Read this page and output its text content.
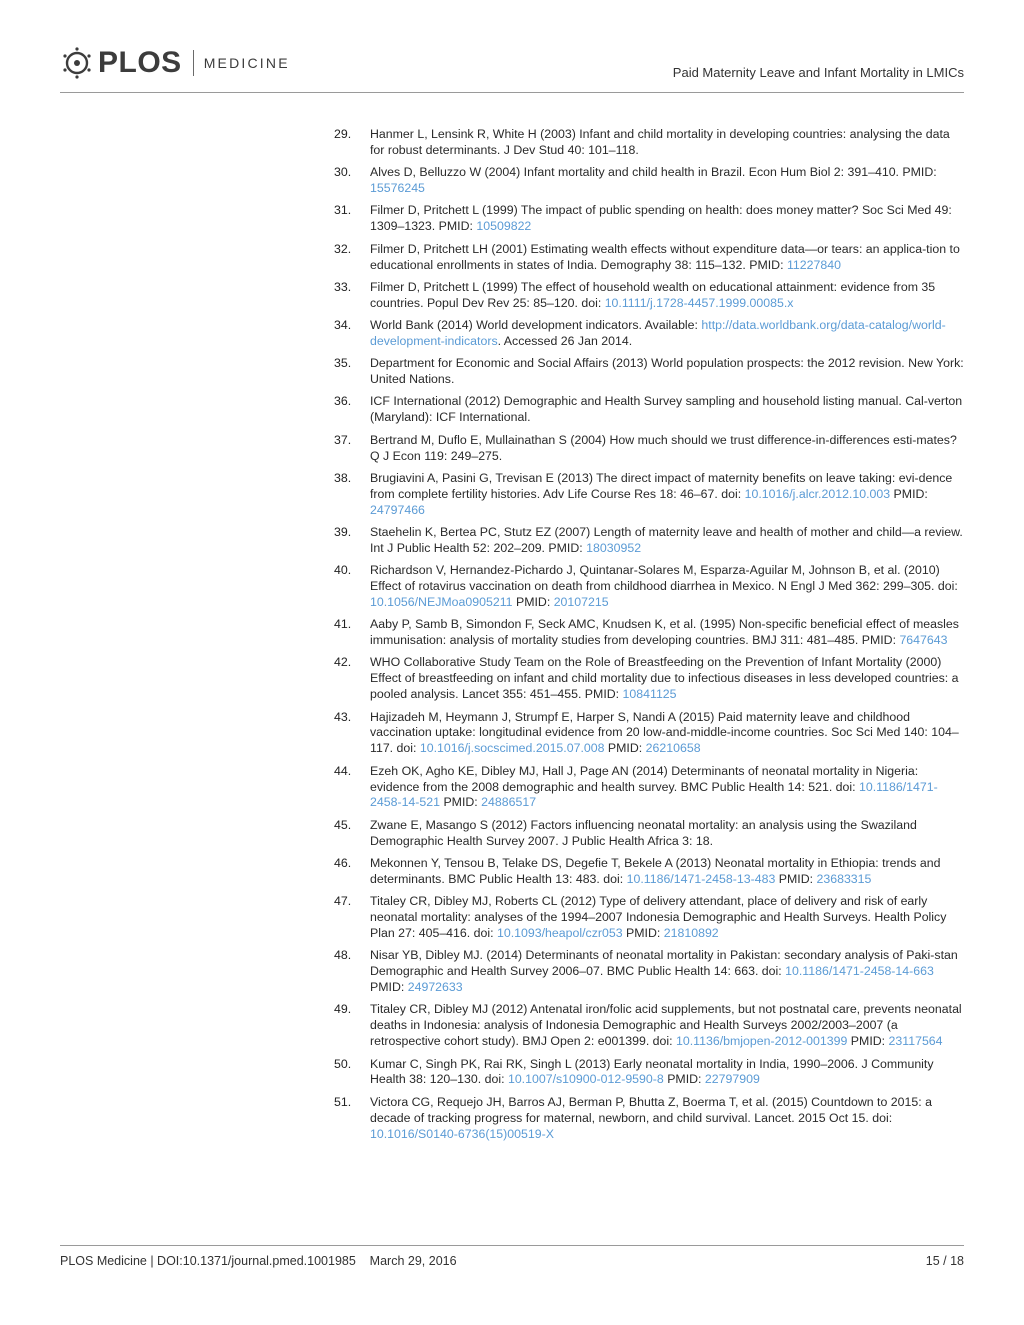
PLOS MEDICINE
Paid Maternity Leave and Infant Mortality in LMICs
29.	Hanmer L, Lensink R, White H (2003) Infant and child mortality in developing countries: analysing the data for robust determinants. J Dev Stud 40: 101–118.
30.	Alves D, Belluzzo W (2004) Infant mortality and child health in Brazil. Econ Hum Biol 2: 391–410. PMID: 15576245
31.	Filmer D, Pritchett L (1999) The impact of public spending on health: does money matter? Soc Sci Med 49: 1309–1323. PMID: 10509822
32.	Filmer D, Pritchett LH (2001) Estimating wealth effects without expenditure data—or tears: an applica-tion to educational enrollments in states of India. Demography 38: 115–132. PMID: 11227840
33.	Filmer D, Pritchett L (1999) The effect of household wealth on educational attainment: evidence from 35 countries. Popul Dev Rev 25: 85–120. doi: 10.1111/j.1728-4457.1999.00085.x
34.	World Bank (2014) World development indicators. Available: http://data.worldbank.org/data-catalog/world-development-indicators. Accessed 26 Jan 2014.
35.	Department for Economic and Social Affairs (2013) World population prospects: the 2012 revision. New York: United Nations.
36.	ICF International (2012) Demographic and Health Survey sampling and household listing manual. Cal-verton (Maryland): ICF International.
37.	Bertrand M, Duflo E, Mullainathan S (2004) How much should we trust difference-in-differences esti-mates? Q J Econ 119: 249–275.
38.	Brugiavini A, Pasini G, Trevisan E (2013) The direct impact of maternity benefits on leave taking: evi-dence from complete fertility histories. Adv Life Course Res 18: 46–67. doi: 10.1016/j.alcr.2012.10.003 PMID: 24797466
39.	Staehelin K, Bertea PC, Stutz EZ (2007) Length of maternity leave and health of mother and child—a review. Int J Public Health 52: 202–209. PMID: 18030952
40.	Richardson V, Hernandez-Pichardo J, Quintanar-Solares M, Esparza-Aguilar M, Johnson B, et al. (2010) Effect of rotavirus vaccination on death from childhood diarrhea in Mexico. N Engl J Med 362: 299–305. doi: 10.1056/NEJMoa0905211 PMID: 20107215
41.	Aaby P, Samb B, Simondon F, Seck AMC, Knudsen K, et al. (1995) Non-specific beneficial effect of measles immunisation: analysis of mortality studies from developing countries. BMJ 311: 481–485. PMID: 7647643
42.	WHO Collaborative Study Team on the Role of Breastfeeding on the Prevention of Infant Mortality (2000) Effect of breastfeeding on infant and child mortality due to infectious diseases in less developed countries: a pooled analysis. Lancet 355: 451–455. PMID: 10841125
43.	Hajizadeh M, Heymann J, Strumpf E, Harper S, Nandi A (2015) Paid maternity leave and childhood vaccination uptake: longitudinal evidence from 20 low-and-middle-income countries. Soc Sci Med 140: 104–117. doi: 10.1016/j.socscimed.2015.07.008 PMID: 26210658
44.	Ezeh OK, Agho KE, Dibley MJ, Hall J, Page AN (2014) Determinants of neonatal mortality in Nigeria: evidence from the 2008 demographic and health survey. BMC Public Health 14: 521. doi: 10.1186/1471-2458-14-521 PMID: 24886517
45.	Zwane E, Masango S (2012) Factors influencing neonatal mortality: an analysis using the Swaziland Demographic Health Survey 2007. J Public Health Africa 3: 18.
46.	Mekonnen Y, Tensou B, Telake DS, Degefie T, Bekele A (2013) Neonatal mortality in Ethiopia: trends and determinants. BMC Public Health 13: 483. doi: 10.1186/1471-2458-13-483 PMID: 23683315
47.	Titaley CR, Dibley MJ, Roberts CL (2012) Type of delivery attendant, place of delivery and risk of early neonatal mortality: analyses of the 1994–2007 Indonesia Demographic and Health Surveys. Health Policy Plan 27: 405–416. doi: 10.1093/heapol/czr053 PMID: 21810892
48.	Nisar YB, Dibley MJ. (2014) Determinants of neonatal mortality in Pakistan: secondary analysis of Paki-stan Demographic and Health Survey 2006–07. BMC Public Health 14: 663. doi: 10.1186/1471-2458-14-663 PMID: 24972633
49.	Titaley CR, Dibley MJ (2012) Antenatal iron/folic acid supplements, but not postnatal care, prevents neonatal deaths in Indonesia: analysis of Indonesia Demographic and Health Surveys 2002/2003–2007 (a retrospective cohort study). BMJ Open 2: e001399. doi: 10.1136/bmjopen-2012-001399 PMID: 23117564
50.	Kumar C, Singh PK, Rai RK, Singh L (2013) Early neonatal mortality in India, 1990–2006. J Community Health 38: 120–130. doi: 10.1007/s10900-012-9590-8 PMID: 22797909
51.	Victora CG, Requejo JH, Barros AJ, Berman P, Bhutta Z, Boerma T, et al. (2015) Countdown to 2015: a decade of tracking progress for maternal, newborn, and child survival. Lancet. 2015 Oct 15. doi: 10.1016/S0140-6736(15)00519-X
PLOS Medicine | DOI:10.1371/journal.pmed.1001985    March 29, 2016	15 / 18
